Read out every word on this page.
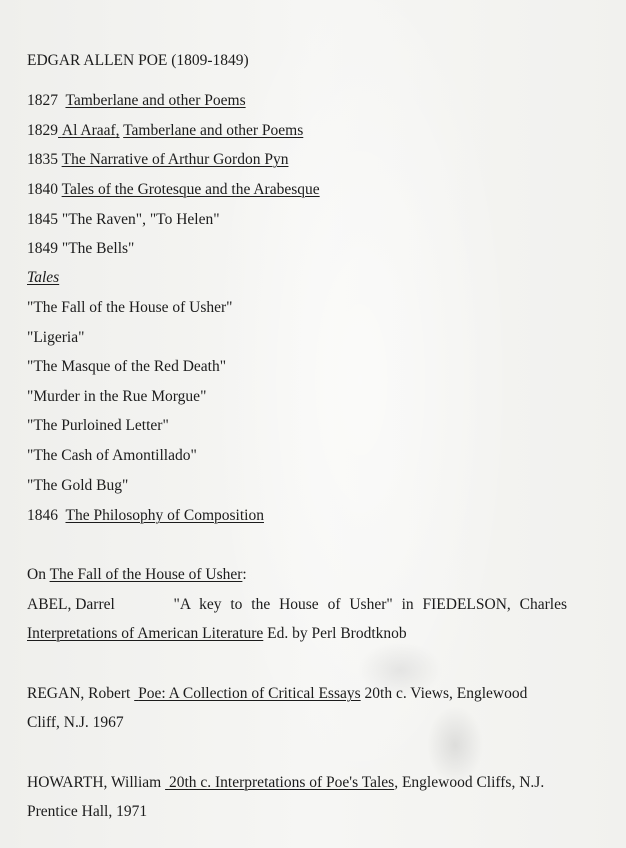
EDGAR ALLEN POE (1809-1849)

1827 Tamberlane and other Poems

1829 Al Araaf, Tamberlane and other Poems

1835 The Narrative of Arthur Gordon Pyn

1840 Tales of the Grotesque and the Arabesque

1845 "The Raven", "To Helen"

1849 "The Bells"

Tales

"The Fall of the House of Usher"

"Ligeria"

"The Masque of the Red Death"

"Murder in the Rue Morgue"

"The Purloined Letter"

"The Cash of Amontillado"

"The Gold Bug"

1846 The Philosophy of Composition

On The Fall of the House of Usher:

ABEL, Darrel	"A key to the House of Usher" in FIEDELSON, Charles

Interpretations of American Literature Ed. by Perl Brodtknob

REGAN, Robert Poe: A Collection of Critical Essays 20th c. Views, Englewood

Cliff, N.J. 1967

HOWARTH, William 20th c. Interpretations of Poe's Tales, Englewood Cliffs, N.J.

Prentice Hall, 1971
